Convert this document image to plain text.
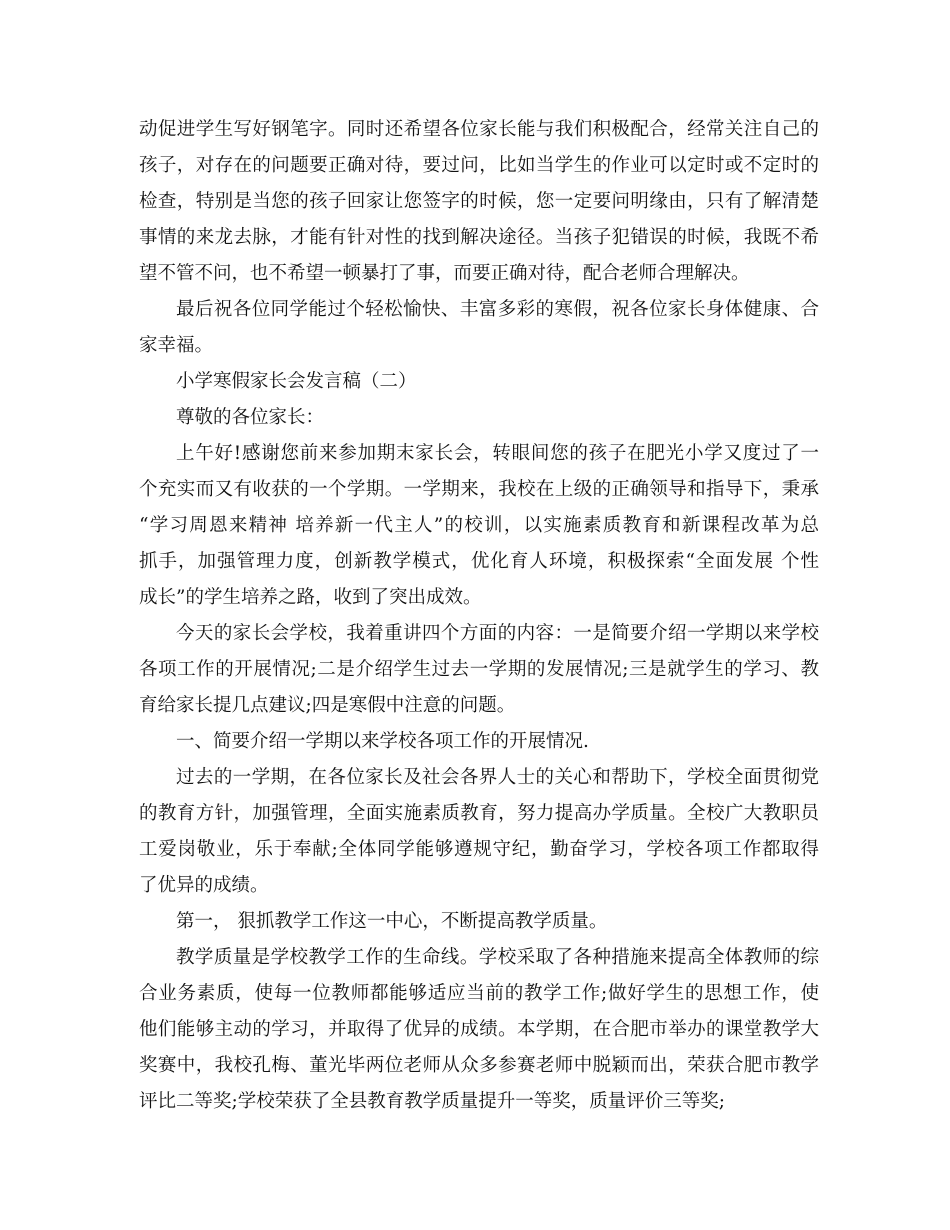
动促进学生写好钢笔字。同时还希望各位家长能与我们积极配合，经常关注自己的
孩子，对存在的问题要正确对待，要过问，比如当学生的作业可以定时或不定时的
检查，特别是当您的孩子回家让您签字的时候，您一定要问明缘由，只有了解清楚
事情的来龙去脉，才能有针对性的找到解决途径。当孩子犯错误的时候，我既不希
望不管不问，也不希望一顿暴打了事，而要正确对待，配合老师合理解决。
最后祝各位同学能过个轻松愉快、丰富多彩的寒假，祝各位家长身体健康、合
家幸福。
小学寒假家长会发言稿（二）
尊敬的各位家长：
上午好!感谢您前来参加期末家长会，转眼间您的孩子在肥光小学又度过了一
个充实而又有收获的一个学期。一学期来，我校在上级的正确领导和指导下，秉承
“学习周恩来精神 培养新一代主人”的校训，以实施素质教育和新课程改革为总
抓手，加强管理力度，创新教学模式，优化育人环境，积极探索“全面发展 个性
成长”的学生培养之路，收到了突出成效。
今天的家长会学校，我着重讲四个方面的内容：一是简要介绍一学期以来学校
各项工作的开展情况;二是介绍学生过去一学期的发展情况;三是就学生的学习、教
育给家长提几点建议;四是寒假中注意的问题。
一、简要介绍一学期以来学校各项工作的开展情况.
过去的一学期，在各位家长及社会各界人士的关心和帮助下，学校全面贯彻党
的教育方针，加强管理，全面实施素质教育，努力提高办学质量。全校广大教职员
工爱岗敬业，乐于奉献;全体同学能够遵规守纪，勤奋学习，学校各项工作都取得
了优异的成绩。
第一， 狠抓教学工作这一中心，不断提高教学质量。
教学质量是学校教学工作的生命线。学校采取了各种措施来提高全体教师的综
合业务素质，使每一位教师都能够适应当前的教学工作;做好学生的思想工作，使
他们能够主动的学习，并取得了优异的成绩。本学期，在合肥市举办的课堂教学大
奖赛中，我校孔梅、董光毕两位老师从众多参赛老师中脱颖而出，荣获合肥市教学
评比二等奖;学校荣获了全县教育教学质量提升一等奖，质量评价三等奖;
